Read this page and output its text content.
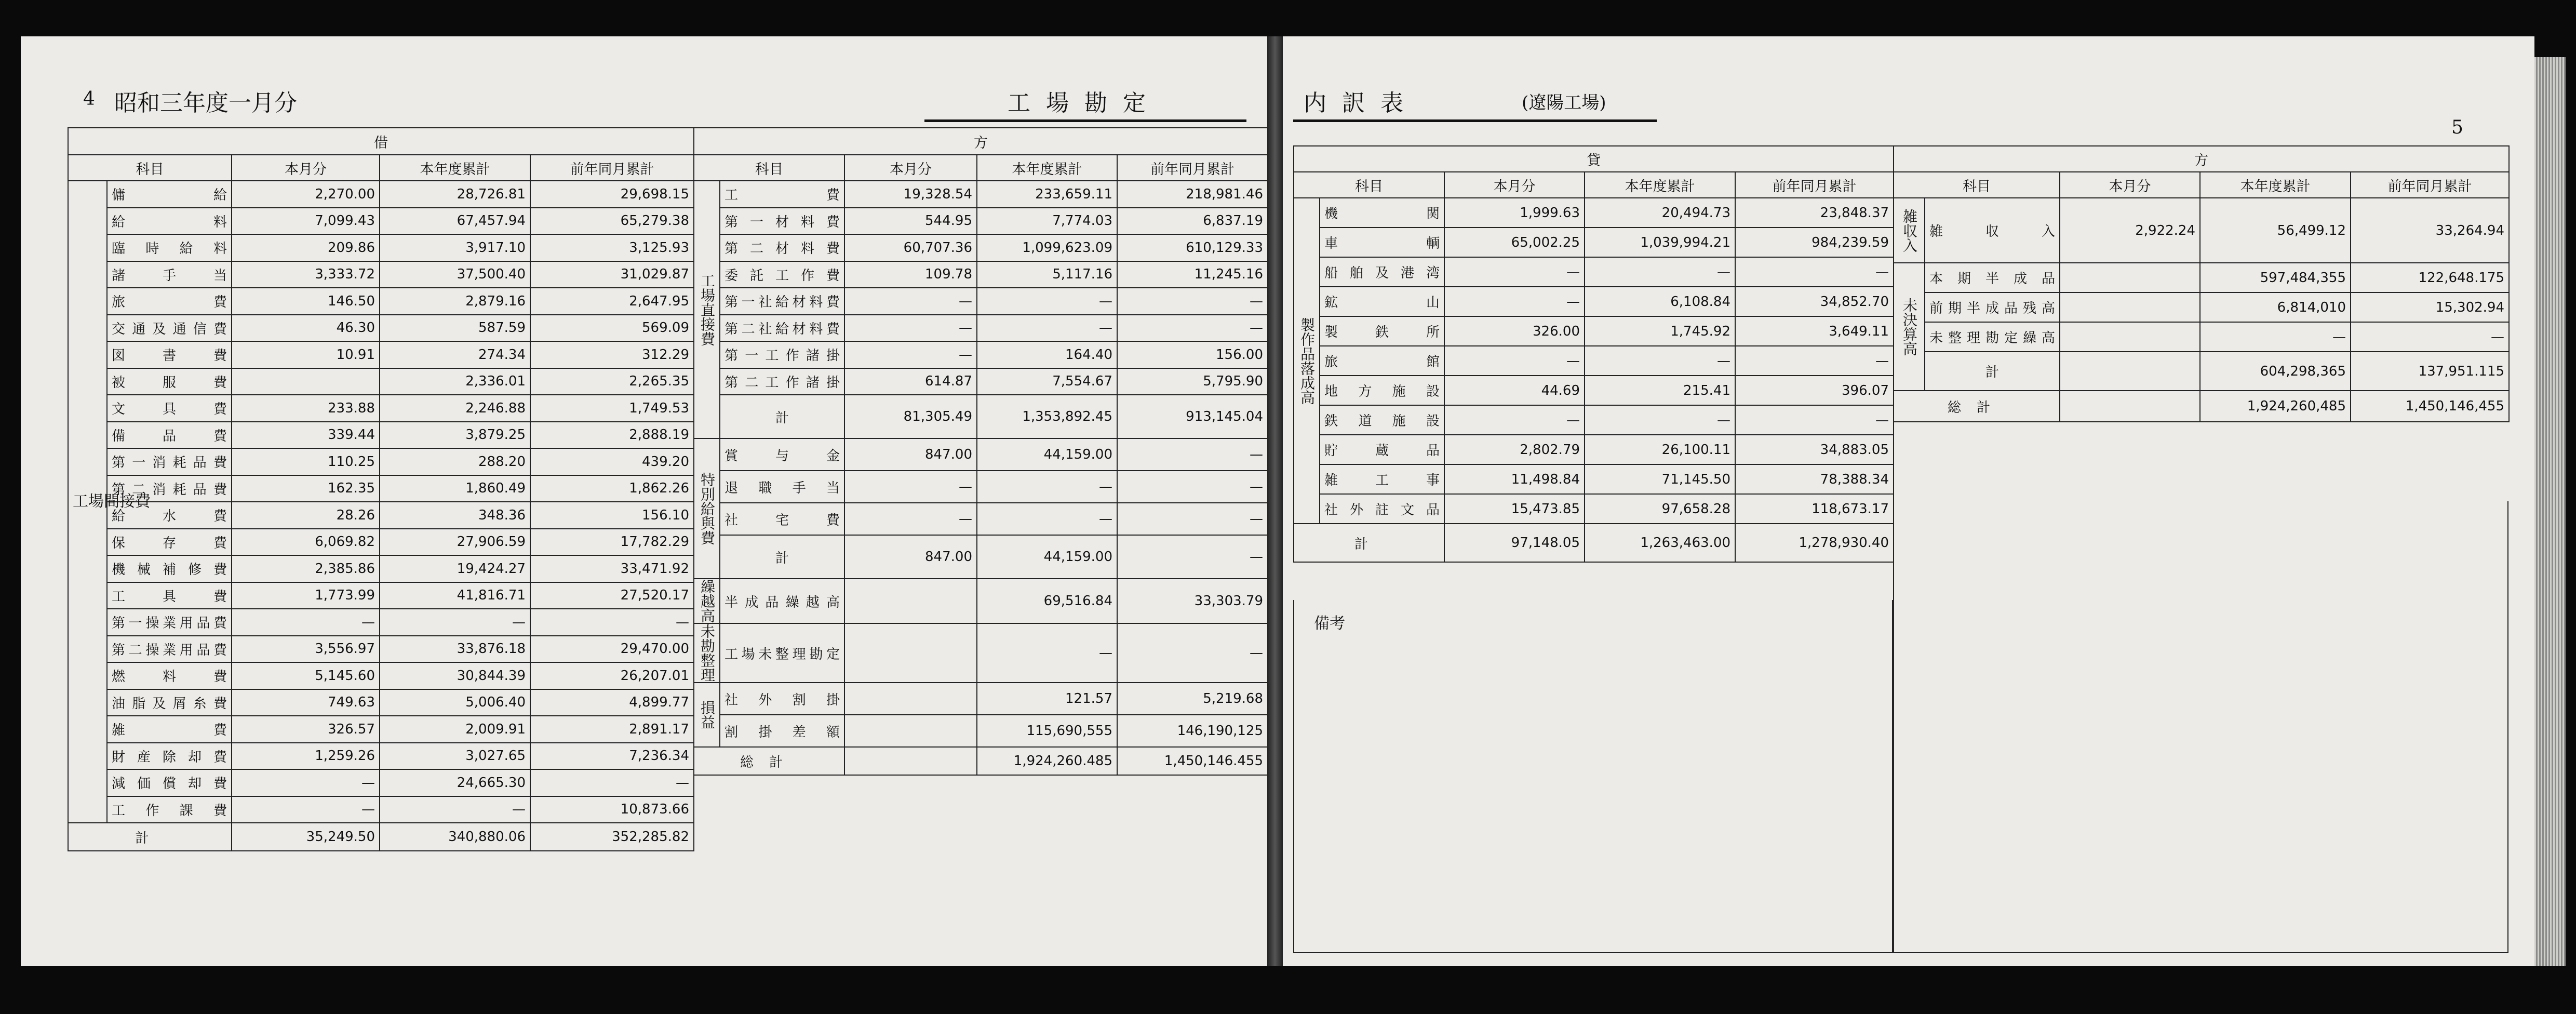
4 昭和三年度一月分	工場勘定
借				
科目		本月分	本年度累計	前年同月累計
工場間接費	傭給	2,270.00	28,726.81	29,698.15
	給料	7,099.43	67,457.94	65,279.38
	臨時給料	209.86	3,917.10	3,125.93
	諸手当	3,333.72	37,500.40	31,029.87
	旅費	146.50	2,879.16	2,647.95
	交通及通信費	46.30	587.59	569.09
	図書費	10.91	274.34	312.29
	被服費		2,336.01	2,265.35
	文具費	233.88	2,246.88	1,749.53
	備品費	339.44	3,879.25	2,888.19
	第一消耗品費	110.25	288.20	439.20
	第二消耗品費	162.35	1,860.49	1,862.26
	給水費	28.26	348.36	156.10
	保存費	6,069.82	27,906.59	17,782.29
	機械補修費	2,385.86	19,424.27	33,471.92
	工具費	1,773.99	41,816.71	27,520.17
	第一操業用品費	—	—	—
	第二操業用品費	3,556.97	33,876.18	29,470.00
	燃料費	5,145.60	30,844.39	26,207.01
	油脂及屑糸費	749.63	5,006.40	4,899.77
	雑費	326.57	2,009.91	2,891.17
	財産除却費	1,259.26	3,027.65	7,236.34
	減価償却費	—	24,665.30	—
	工作課費	—	—	10,873.66
計		35,249.50	340,880.06	352,285.82
方				
科目		本月分	本年度累計	前年同月累計
工場直接費	工費	19,328.54	233,659.11	218,981.46
	第一材料費	544.95	7,774.03	6,837.19
	第二材料費	60,707.36	1,099,623.09	610,129.33
	委託工作費	109.78	5,117.16	11,245.16
	第一社給材料費	—	—	—
	第二社給材料費	—	—	—
	第一工作諸掛	—	164.40	156.00
	第二工作諸掛	614.87	7,554.67	5,795.90
	計	81,305.49	1,353,892.45	913,145.04
特別給與費	賞与金	847.00	44,159.00	—
	退職手当	—	—	—
	社宅費	—	—	—
	計	847.00	44,159.00	—
繰越高	半成品繰越高		69,516.84	33,303.79
未勘整理	工場未整理勘定		—	—
損益	社外割掛		121.57	5,219.68
	割掛差額		115,690,555	146,190,125
総計			1,924,260.485	1,450,146.455
内訳表	(遼陽工場)
5
貸				
科目		本月分	本年度累計	前年同月累計
製作品落成高	機関	1,999.63	20,494.73	23,848.37
	車輌	65,002.25	1,039,994.21	984,239.59
	船舶及港湾	—	—	—
	鉱山	—	6,108.84	34,852.70
	製鉄所	326.00	1,745.92	3,649.11
	旅館	—	—	—
	地方施設	44.69	215.41	396.07
	鉄道施設	—	—	—
	貯蔵品	2,802.79	26,100.11	34,883.05
	雑工事	11,498.84	71,145.50	78,388.34
	社外註文品	15,473.85	97,658.28	118,673.17
計		97,148.05	1,263,463.00	1,278,930.40
備考
方				
科目		本月分	本年度累計	前年同月累計
雑収入	雑収入	2,922.24	56,499.12	33,264.94
未決算高	本期半成品		597,484,355	122,648.175
	前期半成品残高		6,814,010	15,302.94
	未整理勘定繰高		—	—
	計		604,298,365	137,951.115
総計			1,924,260,485	1,450,146,455
